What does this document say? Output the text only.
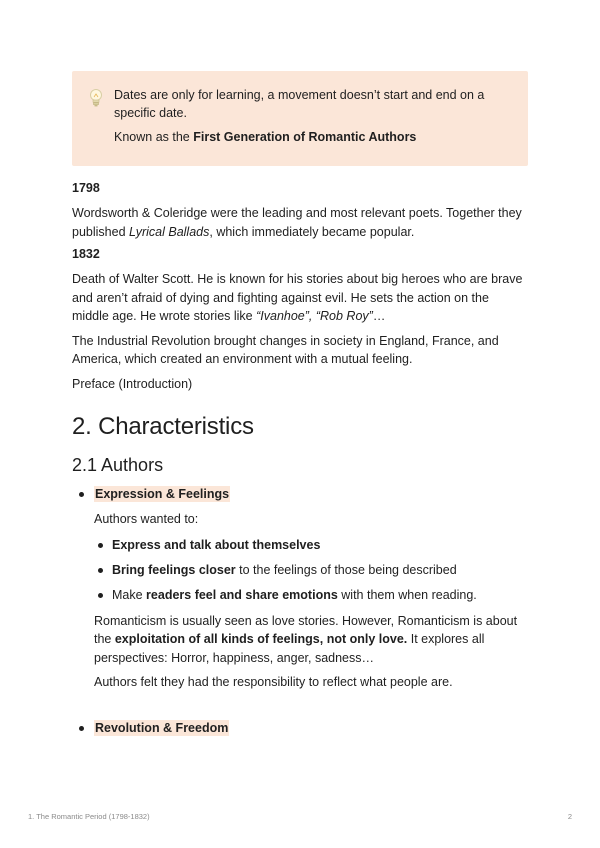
Dates are only for learning, a movement doesn’t start and end on a specific date.

Known as the First Generation of Romantic Authors

1798

Wordsworth & Coleridge were the leading and most relevant poets. Together they published Lyrical Ballads, which immediately became popular.

1832

Death of Walter Scott. He is known for his stories about big heroes who are brave and aren’t afraid of dying and fighting against evil. He sets the action on the middle age. He wrote stories like “Ivanhoe”, “Rob Roy”…

The Industrial Revolution brought changes in society in England, France, and America, which created an environment with a mutual feeling.

Preface (Introduction)

2. Characteristics
2.1 Authors
Expression & Feelings
Authors wanted to:
Express and talk about themselves
Bring feelings closer to the feelings of those being described
Make readers feel and share emotions with them when reading.

Romanticism is usually seen as love stories. However, Romanticism is about the exploitation of all kinds of feelings, not only love. It explores all perspectives: Horror, happiness, anger, sadness…

Authors felt they had the responsibility to reflect what people are.

Revolution & Freedom
1. The Romantic Period (1798-1832)	2
